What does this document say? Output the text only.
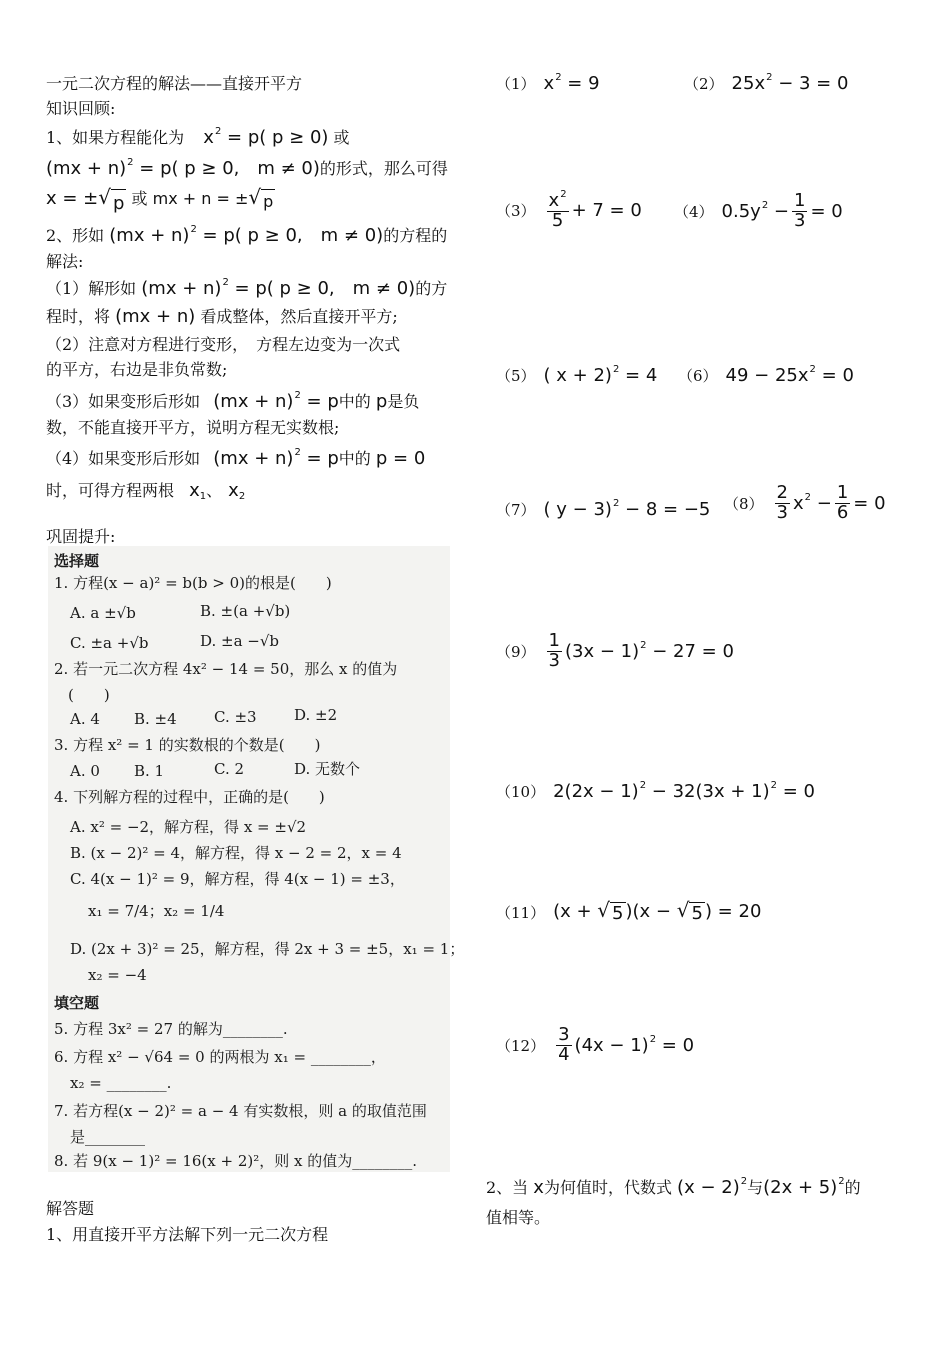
一元二次方程的解法——直接开平方
知识回顾:
1、如果方程能化为 $x^2 = p$( p ≥ 0) 或
(mx + n)$^2$ = p( p ≥ 0,　m ≠ 0)的形式，那么可得
x = ± √ p 或 mx + n = ± √ p
2、形如 (mx + n)$^2$ = p( p ≥ 0,　m ≠ 0)的方程的
解法:
（1）解形如 (mx + n)$^2$ = p( p ≥ 0,　m ≠ 0)的方
程时，将 (mx + n) 看成整体，然后直接开平方;
（2）注意对方程进行变形，　方程左边变为一次式
的平方，右边是非负常数;
（3）如果变形后形如 (mx + n)$^2$ = p中的 p是负
数，不能直接开平方，说明方程无实数根;
（4）如果变形后形如 (mx + n)$^2$ = p中的 p = 0
时，可得方程两根 $x_1$、 $x_2$
巩固提升:
选择题
1. 方程(x − a)² = b(b > 0)的根是(　　)
A. a ±√b	B. ±(a +√b)
C. ±a +√b	D. ±a −√b
2. 若一元二次方程 4x² − 14 = 50，那么 x 的值为
(　　)
A. 4 B. ±4 C. ±3 D. ±2
3. 方程 x² = 1 的实数根的个数是(　　)
A. 0 B. 1	C. 2	D. 无数个
4. 下列解方程的过程中，正确的是(　　)
A. x² = −2，解方程，得 x = ±√2
B. (x − 2)² = 4，解方程，得 x − 2 = 2，x = 4
C. 4(x − 1)² = 9，解方程，得 4(x − 1) = ±3，
x₁ = 7/4；x₂ = 1/4
D. (2x + 3)² = 25，解方程，得 2x + 3 = ±5，x₁ = 1；
x₂ = −4
填空题
5. 方程 3x² = 27 的解为________.
6. 方程 x² − √64 = 0 的两根为 x₁ = ________，
x₂ = ________.
7. 若方程(x − 2)² = a − 4 有实数根，则 a 的取值范围
是________
8. 若 9(x − 1)² = 16(x + 2)²，则 x 的值为________.
解答题
1、用直接开平方法解下列一元二次方程
（1） $x^2 = 9$	（2） $25x^2 - 3 = 0$
$(3) \frac{x^2}{5} + 7 = 0$ （4） $0.5y^2 - \frac{1}{3} = 0$
（5） ( x + 2)$^2$ = 4 （6） $49 - 25x^2 = 0$
（7） ( y − 3)$^2$ − 8 = −5 $(8) \frac{2}{3} x^2 - \frac{1}{6} = 0$
$(9) \frac{1}{3} (3x - 1)^2 - 27 = 0$
（10） $2(2x - 1)^2 - 32(3x + 1)^2 = 0$
（11） (x + √ 5 )(x − √ 5 ) = 20
$(12) \frac{3}{4} (4x - 1)^2 = 0$
2、当 x为何值时，代数式 $(x - 2)^2$与$(2x + 5)^2$的
值相等。
